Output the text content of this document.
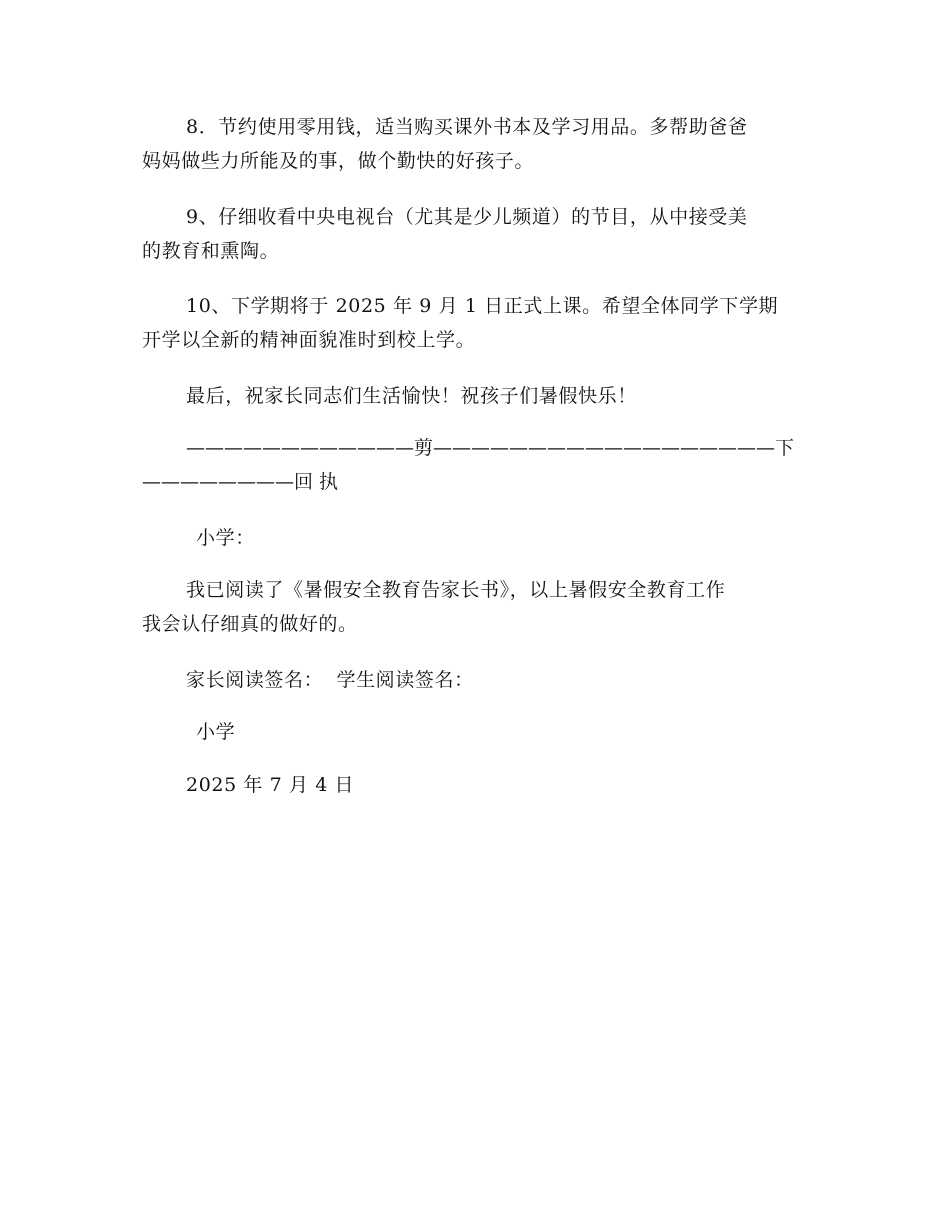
8．节约使用零用钱，适当购买课外书本及学习用品。多帮助爸爸
妈妈做些力所能及的事，做个勤快的好孩子。
9、仔细收看中央电视台（尤其是少儿频道）的节目，从中接受美
的教育和熏陶。
10、下学期将于 2025 年 9 月 1 日正式上课。希望全体同学下学期
开学以全新的精神面貌准时到校上学。
最后，祝家长同志们生活愉快！祝孩子们暑假快乐！
————————————剪——————————————————下
————————回 执
小学：
我已阅读了《暑假安全教育告家长书》，以上暑假安全教育工作
我会认仔细真的做好的。
家长阅读签名：  学生阅读签名：
小学
2025 年 7 月 4 日
